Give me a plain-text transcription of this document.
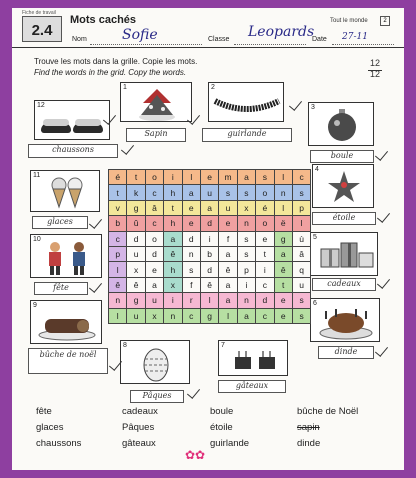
Fiche de travail
2.4
Mots cachés	Tout le monde	2
Nom	Sofie	Classe Leopards
Date 27-11
Trouve les mots dans la grille. Copie les mots.
Find the words in the grid. Copy the words.
12
12
12
chaussons
1
Sapin
2
guirlande
3
boule
11
glaces
4
étoile
10
fête
5
cadeaux
9
bûche de noël
6
dinde
8
Pâques
7
gâteaux
é	t	o	i	l	e	m	a	s	l	c
t	k	c	h	a	u	s	s	o	n	s
v	g	â	t	e	a	u	x	é	l	p
b	û	c	h	e	d	e	n	o	ë	l
c	d	o	a	d	i	f	s	e	g	ù
p	u	d	ê	n	b	a	s	t	a	â
l	x	e	h	s	d	ê	p	i	ê	q
ê	ê	a	x	f	ê	a	i	c	t	u
n	g	u	i	r	l	a	n	d	e	s
l	u	x	n	c	g	l	a	c	e	s
fête
glaces
chaussons
cadeaux
Pâques
gâteaux
boule
étoile
guirlande
bûche de Noël
sapin
dinde
✿✿
